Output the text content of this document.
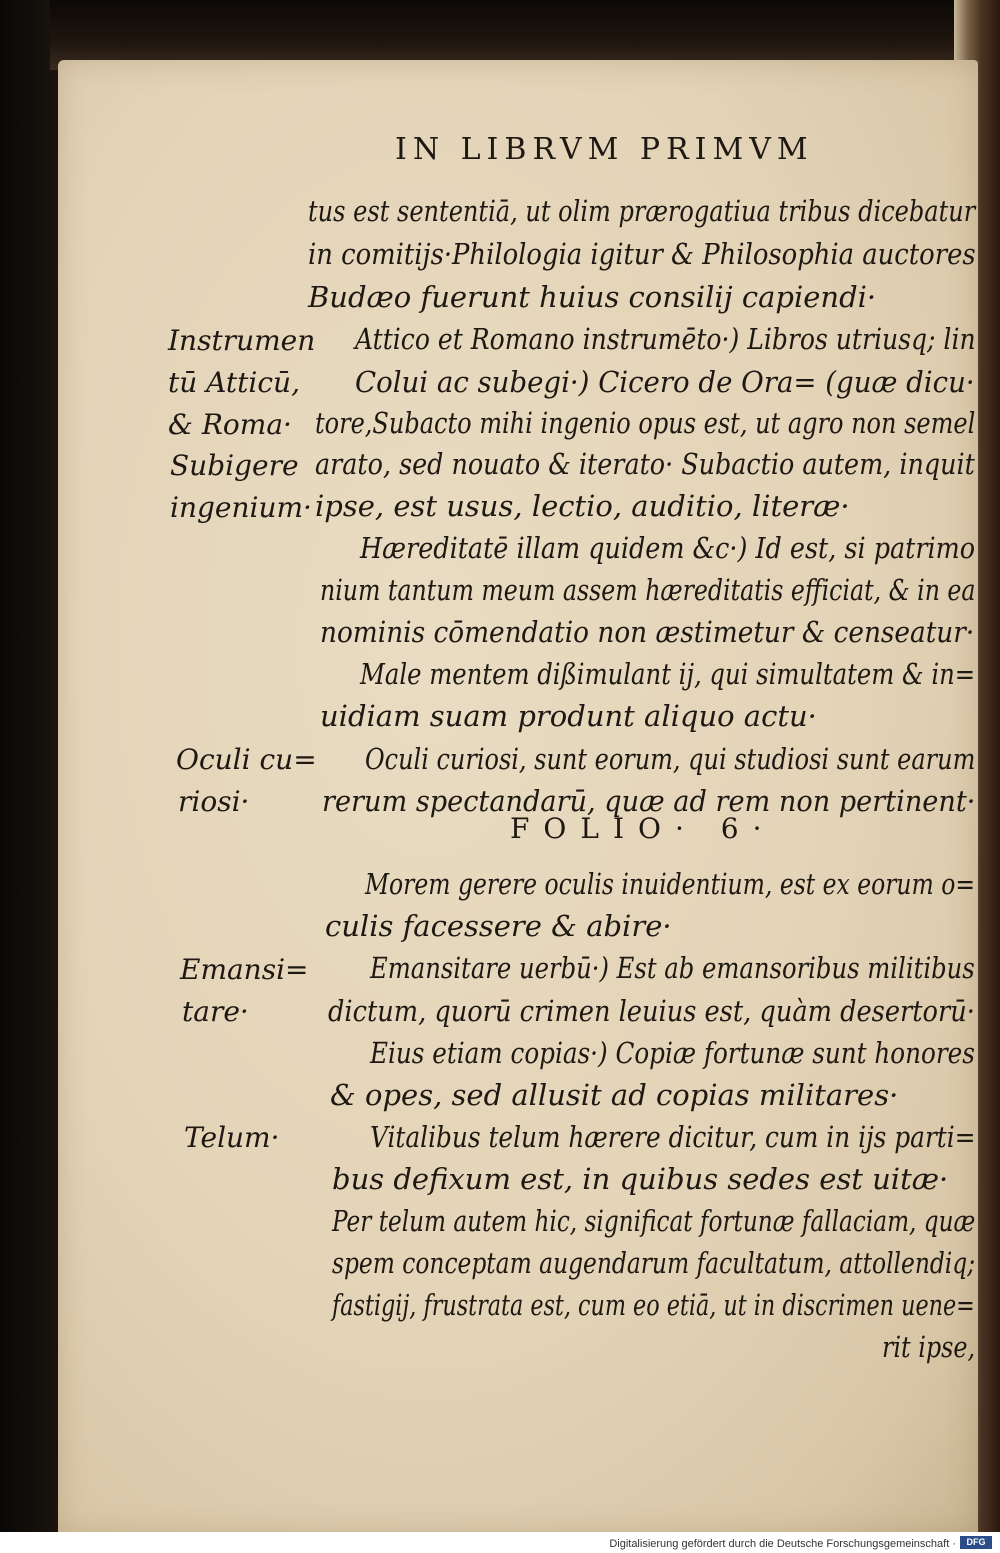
IN LIBRVM PRIMVM
tus est sententiā, ut olim prærogatiua tribus dicebatur
in comitijs·Philologia igitur & Philosophia auctores
Budæo fuerunt huius consilij capiendi·
Attico et Romano instrumēto·) Libros utriusq; lin
Colui ac subegi·) Cicero de Ora= (guæ dicu·
tore,Subacto mihi ingenio opus est, ut agro non semel
arato, sed nouato & iterato· Subactio autem, inquit
ipse, est usus, lectio, auditio, literæ·
Hæreditatē illam quidem &c·) Id est, si patrimo
nium tantum meum assem hæreditatis efficiat, & in ea
nominis cōmendatio non æstimetur & censeatur·
Male mentem dißimulant ij, qui simultatem & in=
uidiam suam produnt aliquo actu·
Oculi curiosi, sunt eorum, qui studiosi sunt earum
rerum spectandarū, quæ ad rem non pertinent·
FOLIO· 6·
Morem gerere oculis inuidentium, est ex eorum o=
culis facessere & abire·
Emansitare uerbū·) Est ab emansoribus militibus
dictum, quorū crimen leuius est, quàm desertorū·
Eius etiam copias·) Copiæ fortunæ sunt honores
& opes, sed allusit ad copias militares·
Vitalibus telum hærere dicitur, cum in ijs parti=
bus defixum est, in quibus sedes est uitæ·
Per telum autem hic, significat fortunæ fallaciam, quæ
spem conceptam augendarum facultatum, attollendiq;
fastigij, frustrata est, cum eo etiā, ut in discrimen uene=
rit ipse,
Instrumen
tū Atticū,
& Roma·
Subigere
ingenium·
Oculi cu=
riosi·
Emansi=
tare·
Telum·
Digitalisierung gefördert durch die Deutsche Forschungsgemeinschaft ·	DFG
